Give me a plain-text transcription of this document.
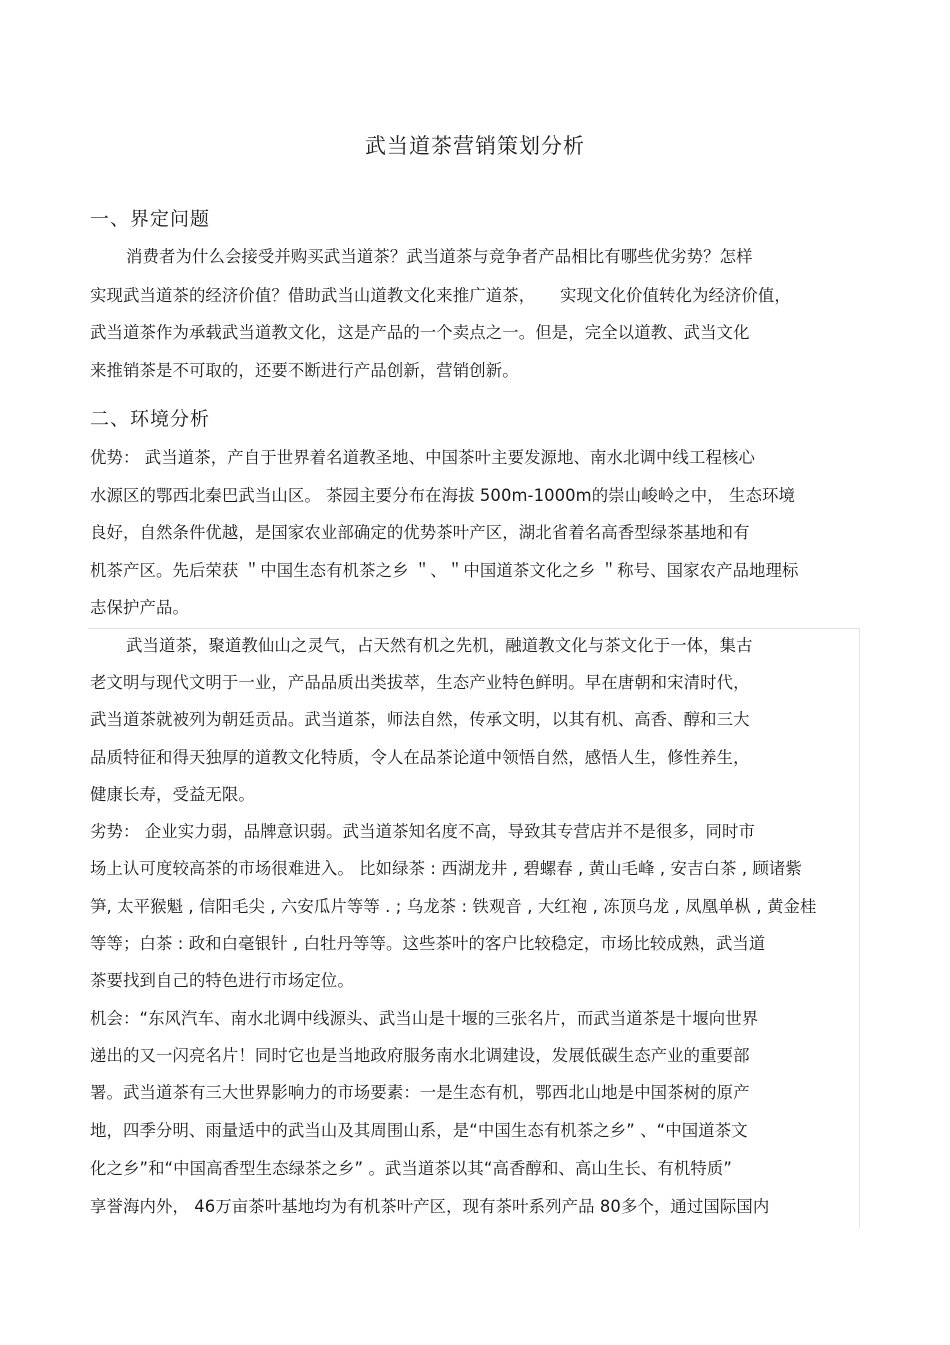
武当道茶营销策划分析
一、界定问题
消费者为什么会接受并购买武当道茶？武当道茶与竞争者产品相比有哪些优劣势？怎样
实现武当道茶的经济价值？借助武当山道教文化来推广道茶，　　实现文化价值转化为经济价值，
武当道茶作为承载武当道教文化，这是产品的一个卖点之一。但是，完全以道教、武当文化
来推销茶是不可取的，还要不断进行产品创新，营销创新。
二、环境分析
优势： 武当道茶，产自于世界着名道教圣地、中国茶叶主要发源地、南水北调中线工程核心
水源区的鄂西北秦巴武当山区。 茶园主要分布在海拔 500m-1000m的崇山峻岭之中， 生态环境
良好，自然条件优越，是国家农业部确定的优势茶叶产区，湖北省着名高香型绿茶基地和有
机茶产区。先后荣获 ＂中国生态有机茶之乡 ＂、＂中国道茶文化之乡 ＂称号、国家农产品地理标
志保护产品。
武当道茶，聚道教仙山之灵气，占天然有机之先机，融道教文化与茶文化于一体，集古
老文明与现代文明于一业，产品品质出类拔萃，生态产业特色鲜明。早在唐朝和宋清时代，
武当道茶就被列为朝廷贡品。武当道茶，师法自然，传承文明，以其有机、高香、醇和三大
品质特征和得天独厚的道教文化特质，令人在品茶论道中领悟自然，感悟人生，修性养生，
健康长寿，受益无限。
劣势： 企业实力弱，品牌意识弱。武当道茶知名度不高，导致其专营店并不是很多，同时市
场上认可度较高茶的市场很难进入。 比如绿茶 : 西湖龙井 , 碧螺春 , 黄山毛峰 , 安吉白茶 , 顾诸紫
笋, 太平猴魁 , 信阳毛尖 , 六安瓜片等等 . ; 乌龙茶 : 铁观音 , 大红袍 , 冻顶乌龙 , 凤凰单枞 , 黄金桂
等等；白茶 : 政和白毫银针 , 白牡丹等等。这些茶叶的客户比较稳定，市场比较成熟，武当道
茶要找到自己的特色进行市场定位。
机会：“东风汽车、南水北调中线源头、武当山是十堰的三张名片，而武当道茶是十堰向世界
递出的又一闪亮名片！同时它也是当地政府服务南水北调建设，发展低碳生态产业的重要部
署。武当道茶有三大世界影响力的市场要素：一是生态有机，鄂西北山地是中国茶树的原产
地，四季分明、雨量适中的武当山及其周围山系，是“中国生态有机茶之乡” 、“中国道茶文
化之乡”和“中国高香型生态绿茶之乡” 。武当道茶以其“高香醇和、高山生长、有机特质”
享誉海内外， 46万亩茶叶基地均为有机茶叶产区，现有茶叶系列产品 80多个，通过国际国内
